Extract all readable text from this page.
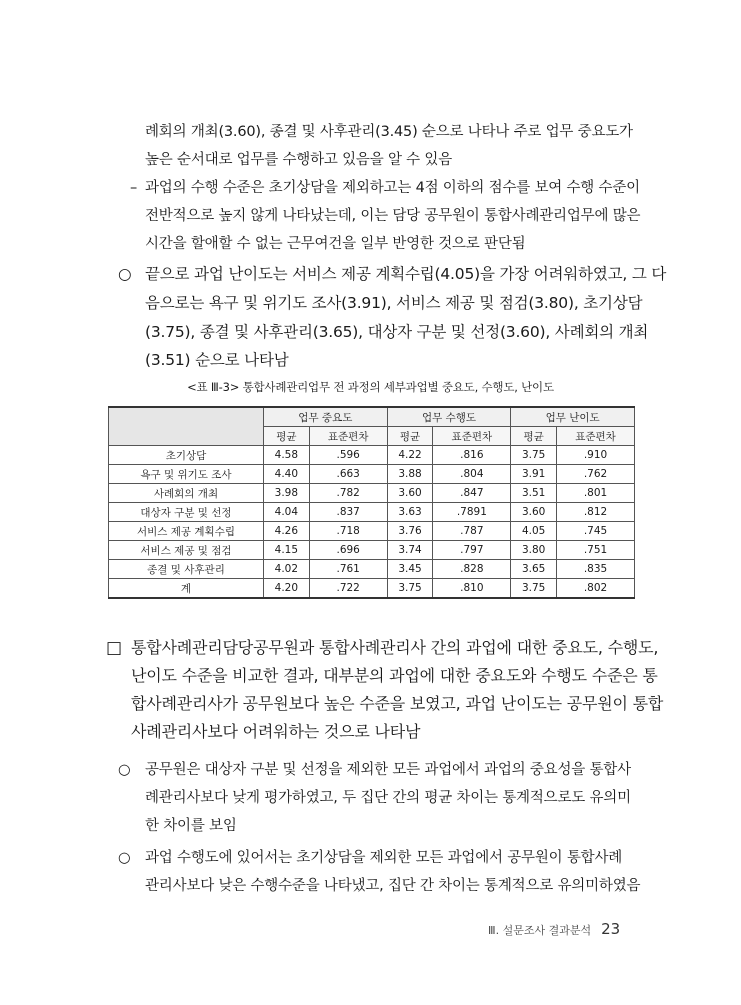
례회의 개최(3.60), 종결 및 사후관리(3.45) 순으로 나타나 주로 업무 중요도가
높은 순서대로 업무를 수행하고 있음을 알 수 있음
– 과업의 수행 수준은 초기상담을 제외하고는 4점 이하의 점수를 보여 수행 수준이
전반적으로 높지 않게 나타났는데, 이는 담당 공무원이 통합사례관리업무에 많은
시간을 할애할 수 없는 근무여건을 일부 반영한 것으로 판단됨
○ 끝으로 과업 난이도는 서비스 제공 계획수립(4.05)을 가장 어려워하였고, 그 다
음으로는 욕구 및 위기도 조사(3.91), 서비스 제공 및 점검(3.80), 초기상담
(3.75), 종결 및 사후관리(3.65), 대상자 구분 및 선정(3.60), 사례회의 개최
(3.51) 순으로 나타남
<표 Ⅲ-3> 통합사례관리업무 전 과정의 세부과업별 중요도, 수행도, 난이도
	업무 중요도		업무 수행도		업무 난이도	
	평균	표준편차	평균	표준편차	평균	표준편차
초기상담	4.58	.596	4.22	.816	3.75	.910
욕구 및 위기도 조사	4.40	.663	3.88	.804	3.91	.762
사례회의 개최	3.98	.782	3.60	.847	3.51	.801
대상자 구분 및 선정	4.04	.837	3.63	.7891	3.60	.812
서비스 제공 계획수립	4.26	.718	3.76	.787	4.05	.745
서비스 제공 및 점검	4.15	.696	3.74	.797	3.80	.751
종결 및 사후관리	4.02	.761	3.45	.828	3.65	.835
계	4.20	.722	3.75	.810	3.75	.802
□ 통합사례관리담당공무원과 통합사례관리사 간의 과업에 대한 중요도, 수행도,
난이도 수준을 비교한 결과, 대부분의 과업에 대한 중요도와 수행도 수준은 통
합사례관리사가 공무원보다 높은 수준을 보였고, 과업 난이도는 공무원이 통합
사례관리사보다 어려워하는 것으로 나타남
○ 공무원은 대상자 구분 및 선정을 제외한 모든 과업에서 과업의 중요성을 통합사
례관리사보다 낮게 평가하였고, 두 집단 간의 평균 차이는 통계적으로도 유의미
한 차이를 보임
○ 과업 수행도에 있어서는 초기상담을 제외한 모든 과업에서 공무원이 통합사례
관리사보다 낮은 수행수준을 나타냈고, 집단 간 차이는 통계적으로 유의미하였음
Ⅲ. 설문조사 결과분석 23
